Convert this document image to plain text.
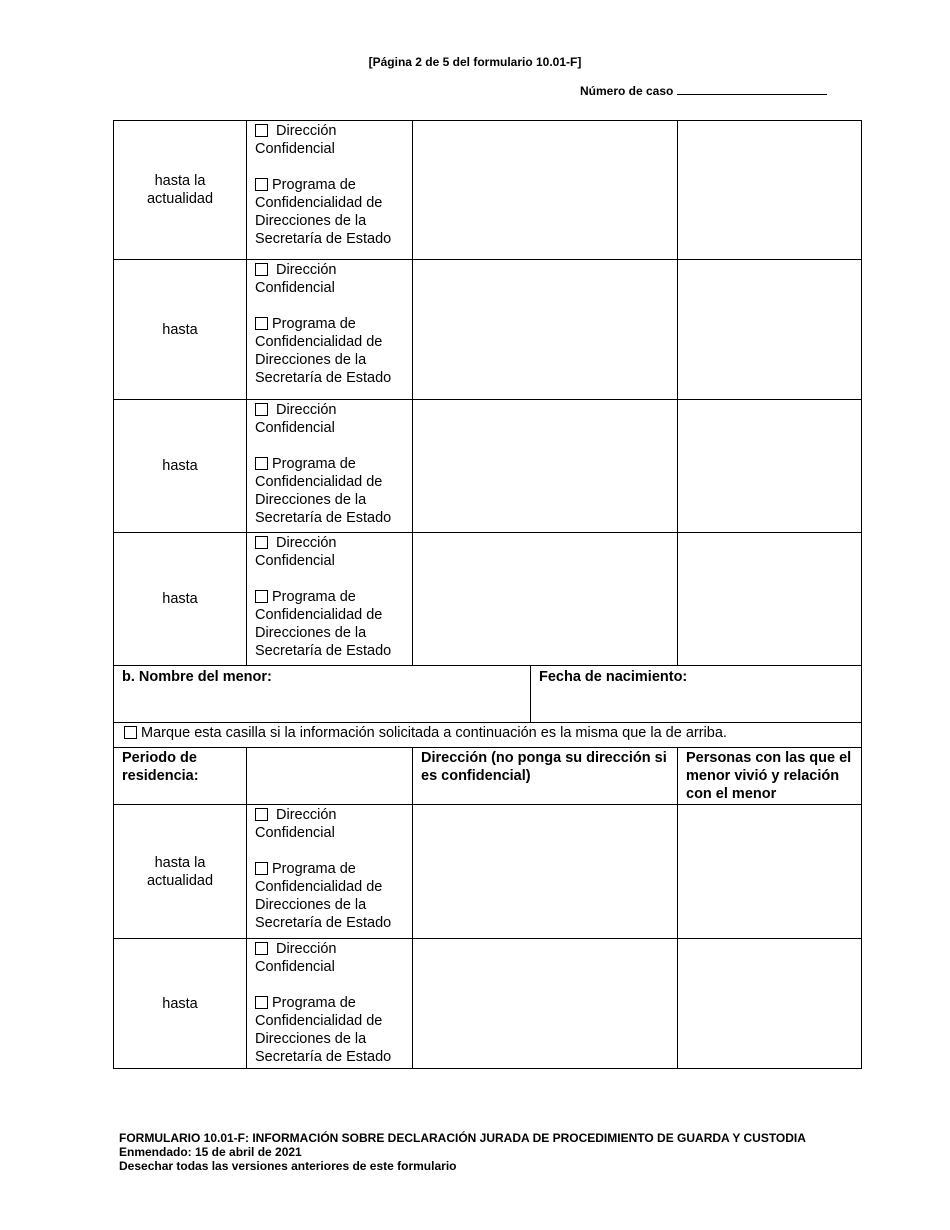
[Página 2 de 5 del formulario 10.01-F]
Número de caso
hasta la actualidad	Dirección Confidencial
Programa de Confidencialidad de Direcciones de la Secretaría de Estado			

hasta	Dirección Confidencial
Programa de Confidencialidad de Direcciones de la Secretaría de Estado			

hasta	Dirección Confidencial
Programa de Confidencialidad de Direcciones de la Secretaría de Estado			

hasta	Dirección Confidencial
Programa de Confidencialidad de Direcciones de la Secretaría de Estado			

b. Nombre del menor:			Fecha de nacimiento:	
Marque esta casilla si la información solicitada a continuación es la misma que la de arriba.				
Periodo de residencia:		Dirección (no ponga su dirección si es confidencial)		Personas con las que el menor vivió y relación con el menor

hasta la actualidad	Dirección Confidencial
Programa de Confidencialidad de Direcciones de la Secretaría de Estado			

hasta	Dirección Confidencial
Programa de Confidencialidad de Direcciones de la Secretaría de Estado			

FORMULARIO 10.01-F: INFORMACIÓN SOBRE DECLARACIÓN JURADA DE PROCEDIMIENTO DE GUARDA Y CUSTODIA
Enmendado: 15 de abril de 2021
Desechar todas las versiones anteriores de este formulario
